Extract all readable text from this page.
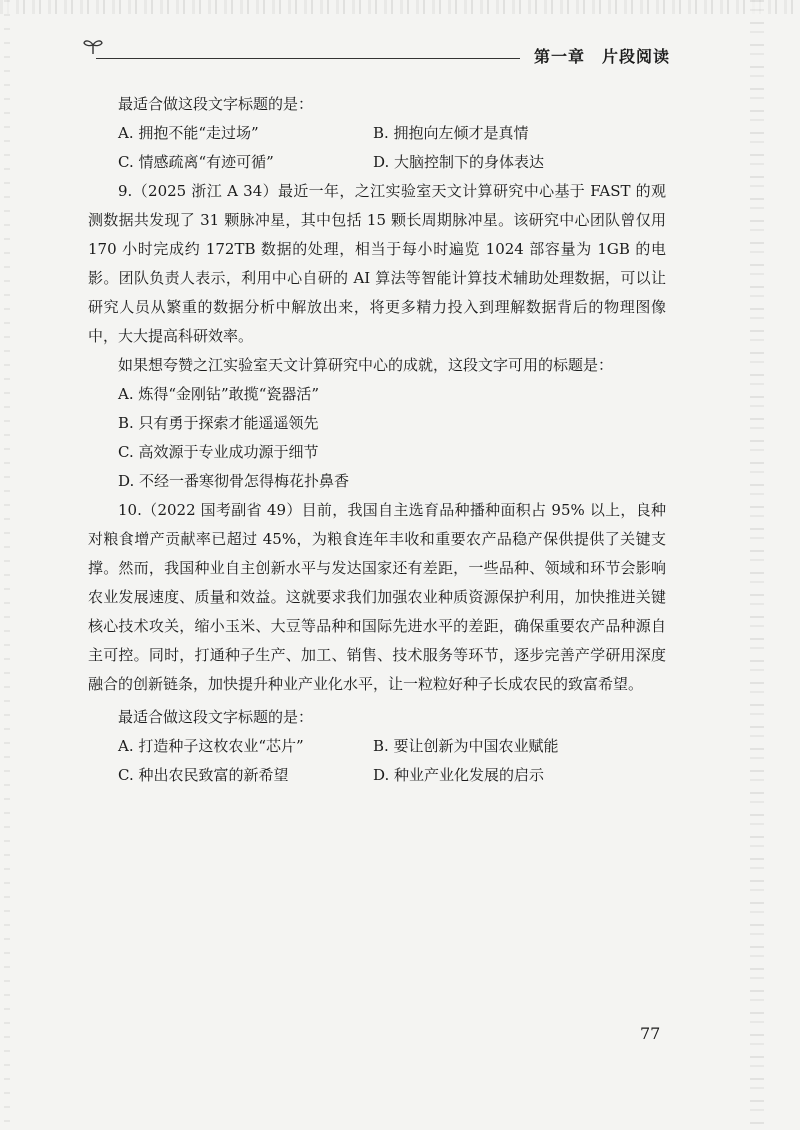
第一章　片段阅读

最适合做这段文字标题的是：

A. 拥抱不能“走过场”	B. 拥抱向左倾才是真情
C. 情感疏离“有迹可循”	D. 大脑控制下的身体表达

9.（2025 浙江 A 34）最近一年，之江实验室天文计算研究中心基于 FAST 的观测数据共发现了 31 颗脉冲星，其中包括 15 颗长周期脉冲星。该研究中心团队曾仅用 170 小时完成约 172TB 数据的处理，相当于每小时遍览 1024 部容量为 1GB 的电影。团队负责人表示，利用中心自研的 AI 算法等智能计算技术辅助处理数据，可以让研究人员从繁重的数据分析中解放出来，将更多精力投入到理解数据背后的物理图像中，大大提高科研效率。

如果想夸赞之江实验室天文计算研究中心的成就，这段文字可用的标题是：

A. 炼得“金刚钻”敢揽“瓷器活”
B. 只有勇于探索才能遥遥领先
C. 高效源于专业成功源于细节
D. 不经一番寒彻骨怎得梅花扑鼻香

10.（2022 国考副省 49）目前，我国自主选育品种播种面积占 95% 以上，良种对粮食增产贡献率已超过 45%，为粮食连年丰收和重要农产品稳产保供提供了关键支撑。然而，我国种业自主创新水平与发达国家还有差距，一些品种、领域和环节会影响农业发展速度、质量和效益。这就要求我们加强农业种质资源保护利用，加快推进关键核心技术攻关，缩小玉米、大豆等品种和国际先进水平的差距，确保重要农产品种源自主可控。同时，打通种子生产、加工、销售、技术服务等环节，逐步完善产学研用深度融合的创新链条，加快提升种业产业化水平，让一粒粒好种子长成农民的致富希望。

最适合做这段文字标题的是：

A. 打造种子这枚农业“芯片”	B. 要让创新为中国农业赋能
C. 种出农民致富的新希望	D. 种业产业化发展的启示
77
